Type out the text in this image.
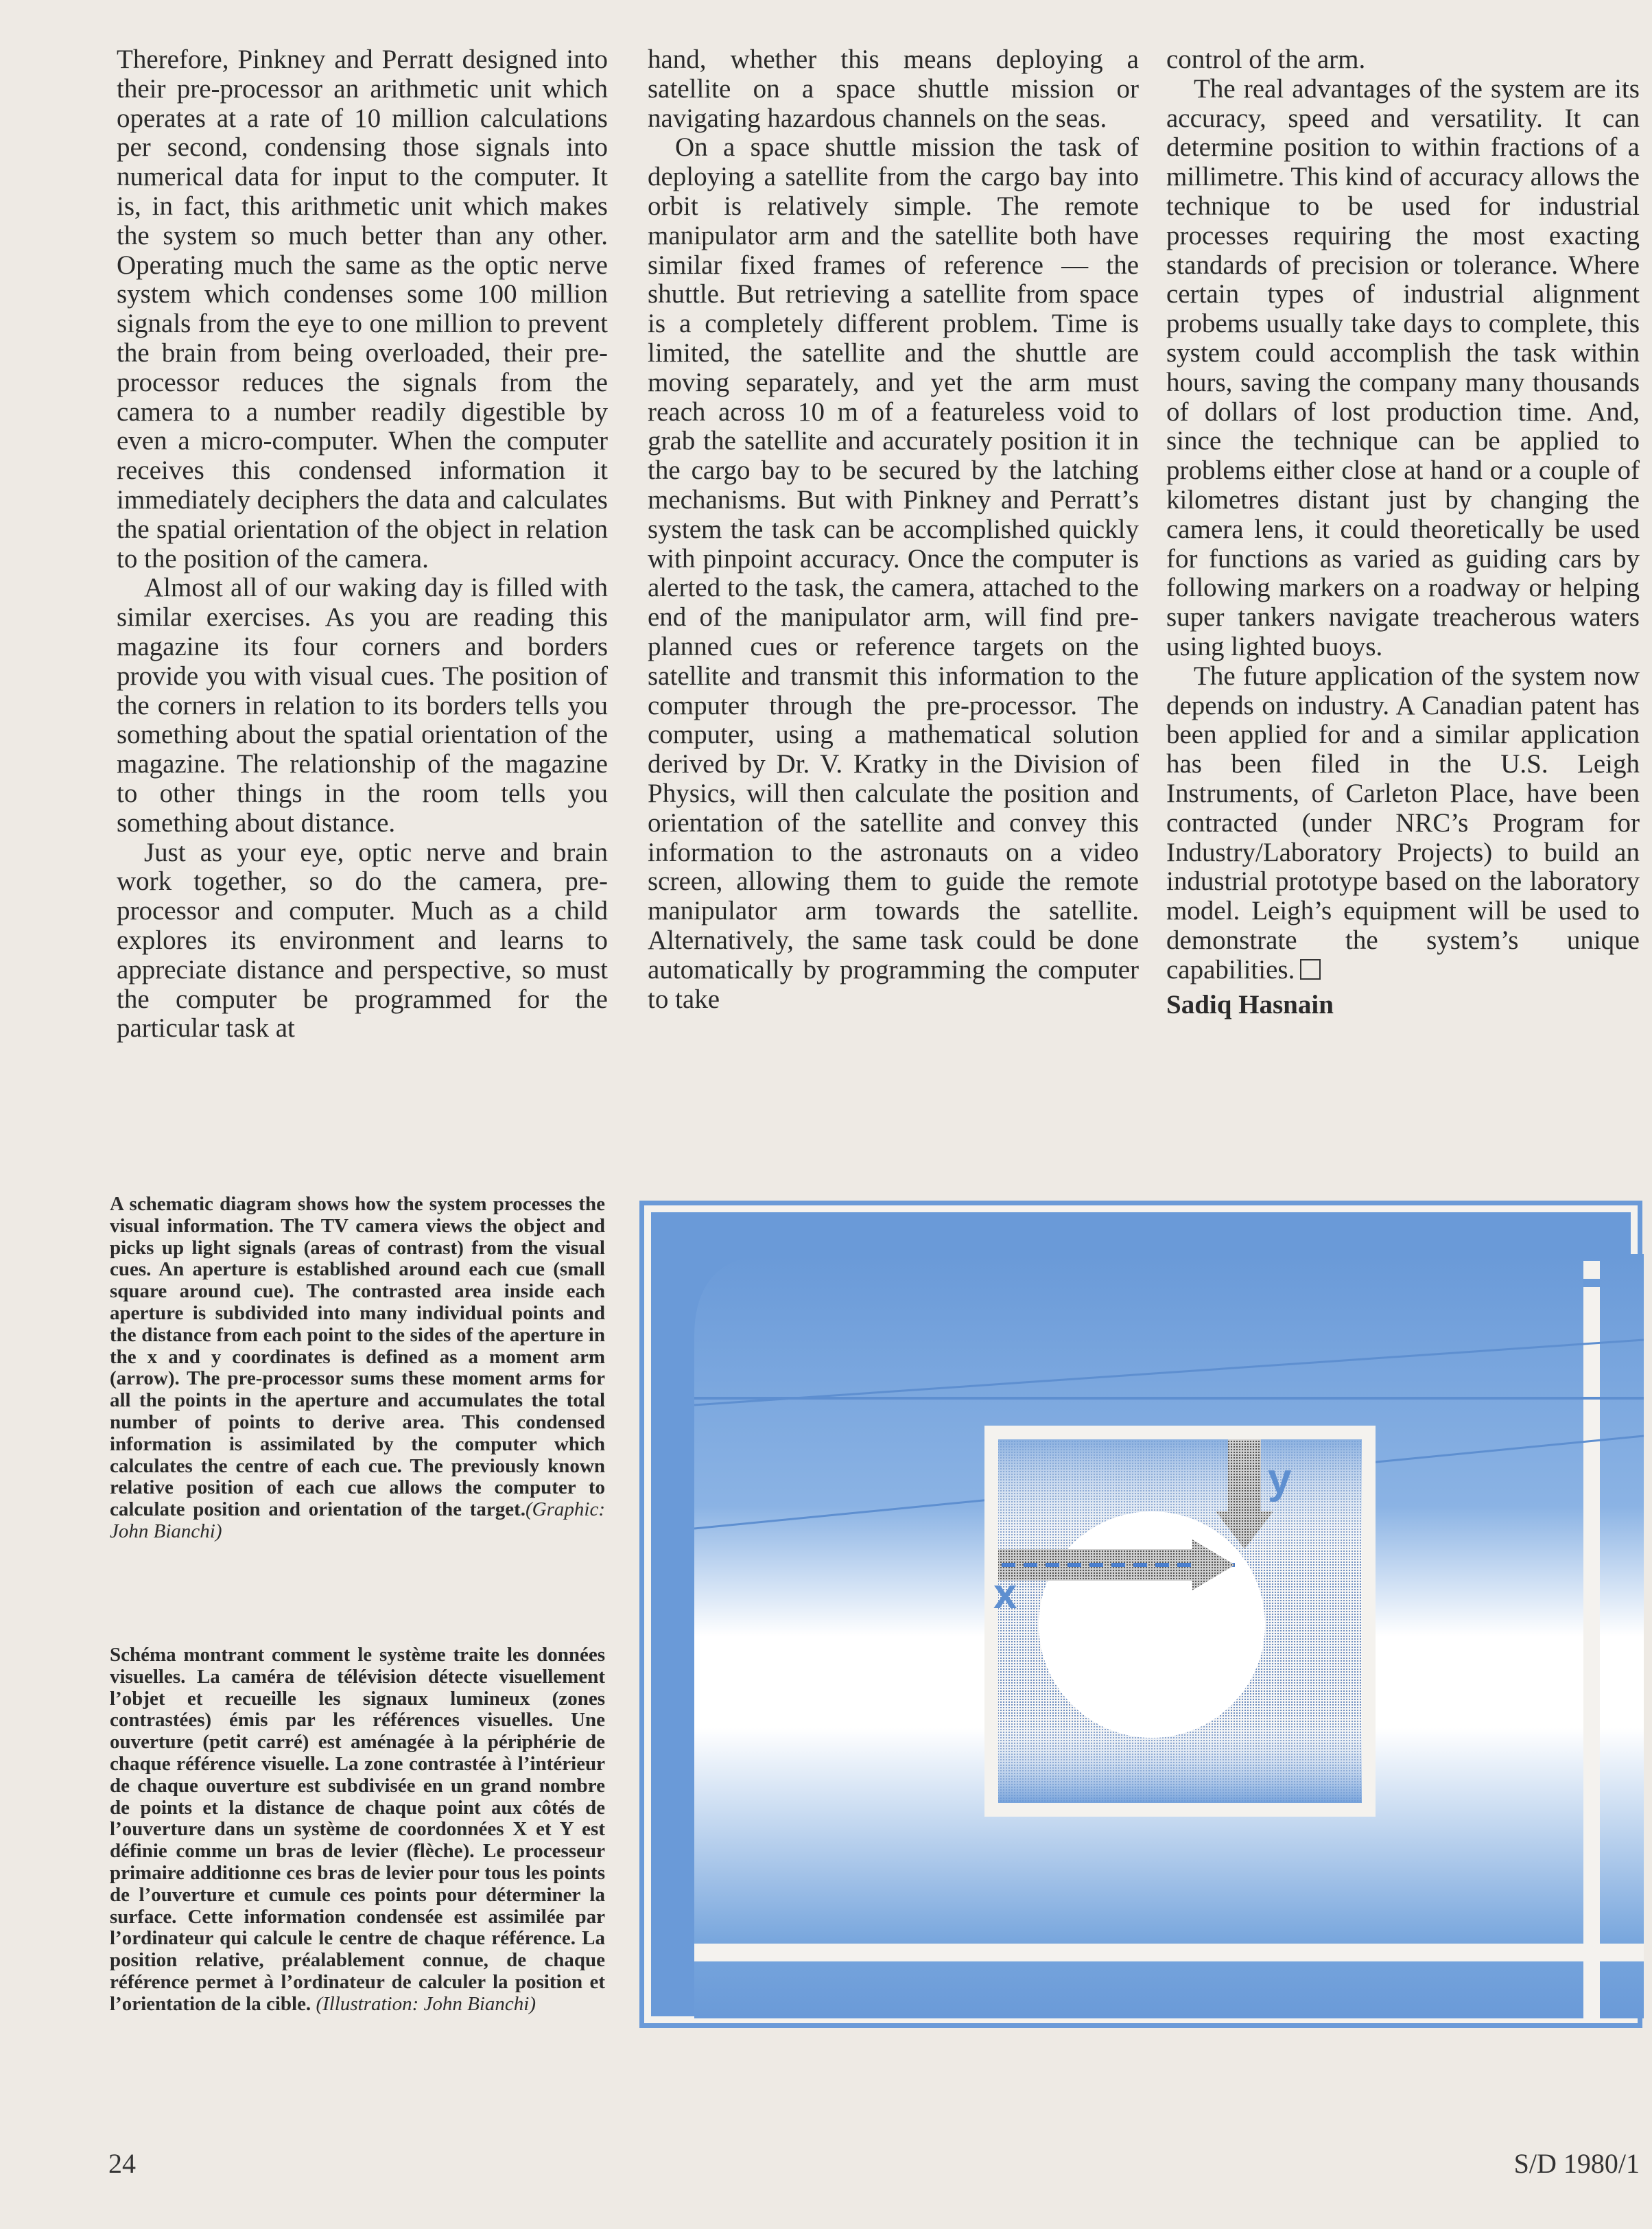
Therefore, Pinkney and Perratt designed into their pre-processor an arithmetic unit which operates at a rate of 10 million calculations per second, condensing those signals into numerical data for input to the computer. It is, in fact, this arithmetic unit which makes the system so much better than any other. Operating much the same as the optic nerve system which condenses some 100 million signals from the eye to one million to prevent the brain from being overloaded, their pre-processor reduces the signals from the camera to a number readily digestible by even a micro-computer. When the computer receives this condensed information it immediately deciphers the data and calculates the spatial orientation of the object in relation to the position of the camera.

Almost all of our waking day is filled with similar exercises. As you are reading this magazine its four corners and borders provide you with visual cues. The position of the corners in relation to its borders tells you something about the spatial orientation of the magazine. The relationship of the magazine to other things in the room tells you something about distance.

Just as your eye, optic nerve and brain work together, so do the camera, pre-processor and computer. Much as a child explores its environment and learns to appreciate distance and perspective, so must the computer be programmed for the particular task at

hand, whether this means deploying a satellite on a space shuttle mission or navigating hazardous channels on the seas.

On a space shuttle mission the task of deploying a satellite from the cargo bay into orbit is relatively simple. The remote manipulator arm and the satellite both have similar fixed frames of reference — the shuttle. But retrieving a satellite from space is a completely different problem. Time is limited, the satellite and the shuttle are moving separately, and yet the arm must reach across 10 m of a featureless void to grab the satellite and accurately position it in the cargo bay to be secured by the latching mechanisms. But with Pinkney and Perratt’s system the task can be accomplished quickly with pinpoint accuracy. Once the computer is alerted to the task, the camera, attached to the end of the manipulator arm, will find pre-planned cues or reference targets on the satellite and transmit this information to the computer through the pre-processor. The computer, using a mathematical solution derived by Dr. V. Kratky in the Division of Physics, will then calculate the position and orientation of the satellite and convey this information to the astronauts on a video screen, allowing them to guide the remote manipulator arm towards the satellite. Alternatively, the same task could be done automatically by programming the computer to take

control of the arm.

The real advantages of the system are its accuracy, speed and versatility. It can determine position to within fractions of a millimetre. This kind of accuracy allows the technique to be used for industrial processes requiring the most exacting standards of precision or tolerance. Where certain types of industrial alignment probems usually take days to complete, this system could accomplish the task within hours, saving the company many thousands of dollars of lost production time. And, since the technique can be applied to problems either close at hand or a couple of kilometres distant just by changing the camera lens, it could theoretically be used for functions as varied as guiding cars by following markers on a roadway or helping super tankers navigate treacherous waters using lighted buoys.

The future application of the system now depends on industry. A Canadian patent has been applied for and a similar application has been filed in the U.S. Leigh Instruments, of Carleton Place, have been contracted (under NRC’s Program for Industry/Laboratory Projects) to build an industrial prototype based on the laboratory model. Leigh’s equipment will be used to demonstrate the system’s unique capabilities.

Sadiq Hasnain

A schematic diagram shows how the system processes the visual information. The TV camera views the object and picks up light signals (areas of contrast) from the visual cues. An aperture is established around each cue (small square around cue). The contrasted area inside each aperture is subdivided into many individual points and the distance from each point to the sides of the aperture in the x and y coordinates is defined as a moment arm (arrow). The pre-processor sums these moment arms for all the points in the aperture and accumulates the total number of points to derive area. This condensed information is assimilated by the computer which calculates the centre of each cue. The previously known relative position of each cue allows the computer to calculate position and orientation of the target.(Graphic: John Bianchi)

Schéma montrant comment le système traite les données visuelles. La caméra de télévision détecte visuellement l’objet et recueille les signaux lumineux (zones contrastées) émis par les références visuelles. Une ouverture (petit carré) est aménagée à la périphérie de chaque référence visuelle. La zone contrastée à l’intérieur de chaque ouverture est subdivisée en un grand nombre de points et la distance de chaque point aux côtés de l’ouverture dans un système de coordonnées X et Y est définie comme un bras de levier (flèche). Le processeur primaire additionne ces bras de levier pour tous les points de l’ouverture et cumule ces points pour déterminer la surface. Cette information condensée est assimilée par l’ordinateur qui calcule le centre de chaque référence. La position relative, préalablement connue, de chaque référence permet à l’ordinateur de calculer la position et l’orientation de la cible. (Illustration: John Bianchi)

y
x
24	S/D 1980/1
